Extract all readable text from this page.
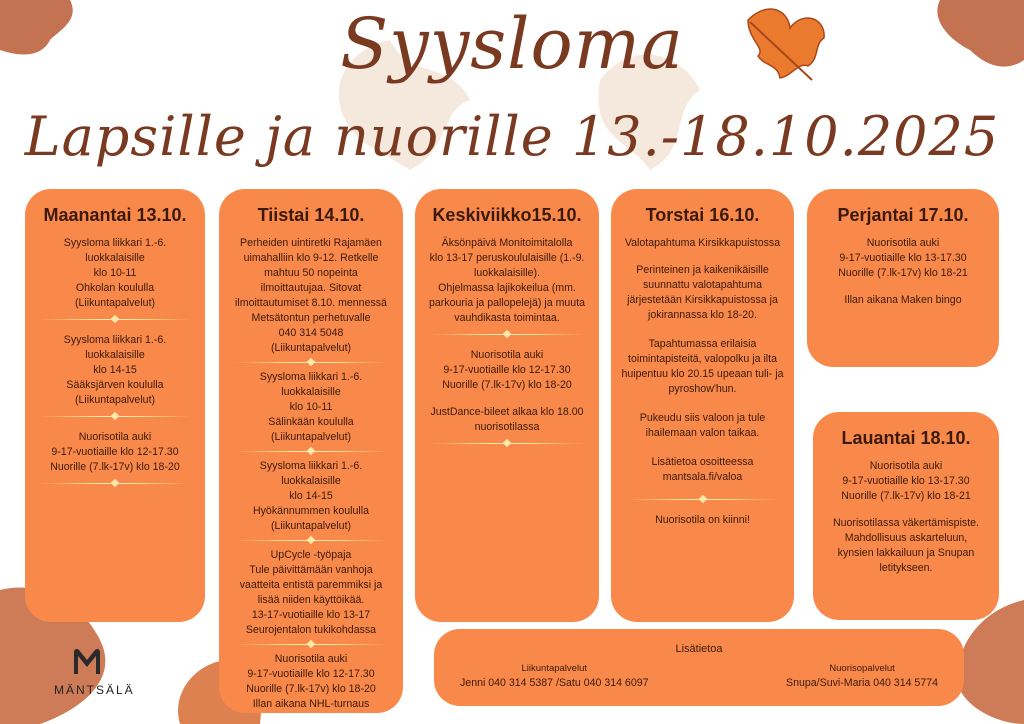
Syysloma
Lapsille ja nuorille 13.-18.10.2025
Maanantai 13.10.
Syysloma liikkari 1.-6.
luokkalaisille
klo 10-11
Ohkolan koululla
(Liikuntapalvelut)
Syysloma liikkari 1.-6.
luokkalaisille
klo 14-15
Sääksjärven koululla
(Liikuntapalvelut)
Nuorisotila auki
9-17-vuotiaille klo 12-17.30
Nuorille (7.lk-17v) klo 18-20
Tiistai 14.10.
Perheiden uintiretki Rajamäen
uimahalliin klo 9-12. Retkelle
mahtuu 50 nopeinta
ilmoittautujaa. Sitovat
ilmoittautumiset 8.10. mennessä
Metsätontun perhetuvalle
040 314 5048
(Liikuntapalvelut)
Syysloma liikkari 1.-6.
luokkalaisille
klo 10-11
Sälinkään koululla
(Liikuntapalvelut)
Syysloma liikkari 1.-6.
luokkalaisille
klo 14-15
Hyökännummen koululla
(Liikuntapalvelut)
UpCycle -työpaja
Tule päivittämään vanhoja
vaatteita entistä paremmiksi ja
lisää niiden käyttöikää.
13-17-vuotiaille klo 13-17
Seurojentalon tukikohdassa
Nuorisotila auki
9-17-vuotiaille klo 12-17.30
Nuorille (7.lk-17v) klo 18-20
Illan aikana NHL-turnaus
Keskiviikko15.10.
Äksönpäivä Monitoimitalolla
klo 13-17 peruskoululaisille (1.-9.
luokkalaisille).
Ohjelmassa lajikokeilua (mm.
parkouria ja pallopelejä) ja muuta
vauhdikasta toimintaa.
Nuorisotila auki
9-17-vuotiaille klo 12-17.30
Nuorille (7.lk-17v) klo 18-20
JustDance-bileet alkaa klo 18.00
nuorisotilassa
Torstai 16.10.
Valotapahtuma Kirsikkapuistossa
Perinteinen ja kaikenikäisille
suunnattu valotapahtuma
järjestetään Kirsikkapuistossa ja
jokirannassa klo 18-20.
Tapahtumassa erilaisia
toimintapisteitä, valopolku ja ilta
huipentuu klo 20.15 upeaan tuli- ja
pyroshow'hun.
Pukeudu siis valoon ja tule
ihailemaan valon taikaa.
Lisätietoa osoitteessa
mantsala.fi/valoa
Nuorisotila on kiinni!
Perjantai 17.10.
Nuorisotila auki
9-17-vuotiaille klo 13-17.30
Nuorille (7.lk-17v) klo 18-21
Illan aikana Maken bingo
Lauantai 18.10.
Nuorisotila auki
9-17-vuotiaille klo 13-17.30
Nuorille (7.lk-17v) klo 18-21
Nuorisotilassa väkertämispiste.
Mahdollisuus askarteluun,
kynsien lakkailuun ja Snupan
letitykseen.
Lisätietoa
Liikuntapalvelut
Jenni 040 314 5387 /Satu 040 314 6097
Nuorisopalvelut
Snupa/Suvi-Maria 040 314 5774
MÄNTSÄLÄ
